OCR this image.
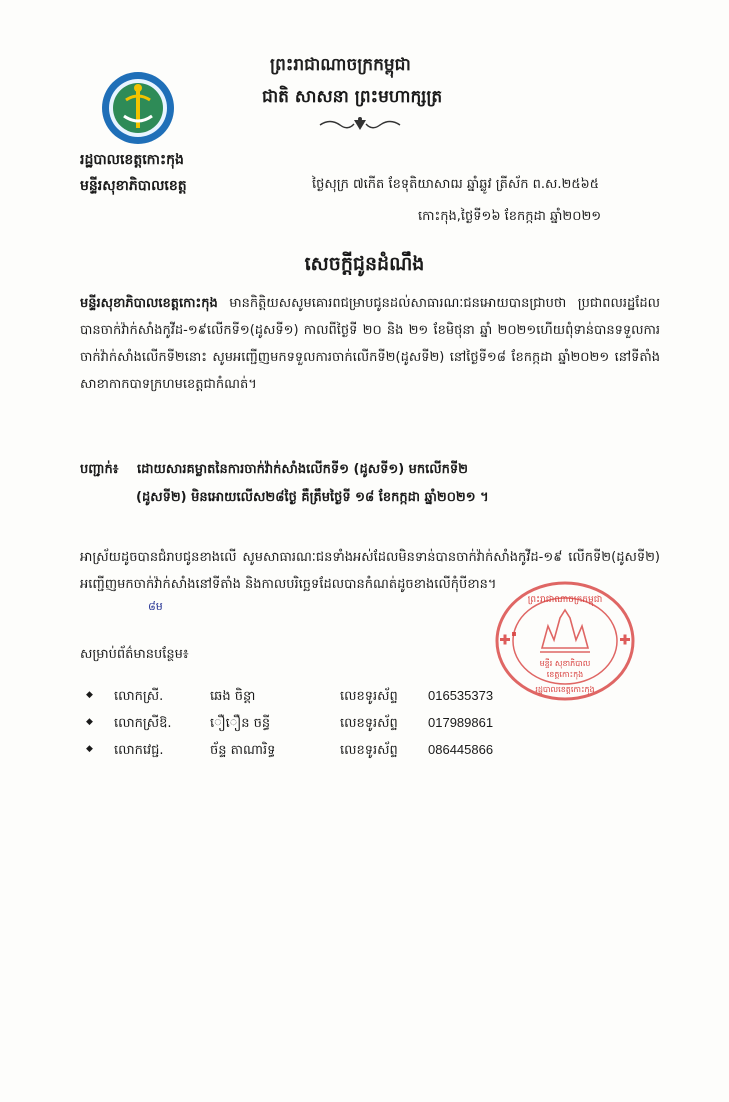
ព្រះរាជាណាចក្រកម្ពុជា
ជាតិ សាសនា ព្រះមហាក្សត្រ
រដ្ឋបាលខេត្តកោះកុង
មន្ទីរសុខាភិបាលខេត្ត	ថ្ងៃសុក្រ ៧កើត ខែទុតិយាសាឍ ឆ្នាំឆ្លូវ ត្រីស័ក ព.ស.២៥៦៥
កោះកុង,ថ្ងៃទី១៦ ខែកក្កដា ឆ្នាំ២០២១
សេចក្តីជូនដំណឹង
មន្ទីរសុខាភិបាលខេត្តកោះកុង មានកិត្តិយសសូមគោរពជម្រាបជូនដល់សាធារណៈជនអោយបានជ្រាបថា ប្រជាពលរដ្ឋដែលបានចាក់វ៉ាក់សាំងកូវីដ-១៩លើកទី១(ដូសទី១) កាលពីថ្ងៃទី ២០ និង ២១ ខែមិថុនា ឆ្នាំ ២០២១ហើយពុំទាន់បានទទួលការចាក់វ៉ាក់សាំងលើកទី២នោះ សូមអញ្ជើញមកទទួលការចាក់លើកទី២(ដូសទី២) នៅថ្ងៃទី១៨ ខែកក្កដា ឆ្នាំ២០២១ នៅទីតាំងសាខាកាកបាទក្រហមខេត្តជាកំណត់។
បញ្ជាក់៖ ដោយសារគម្លាតនៃការចាក់វ៉ាក់សាំងលើកទី១ (ដូសទី១) មកលើកទី២
(ដូសទី២) មិនអោយលើស២៨ថ្ងៃ គឺត្រឹមថ្ងៃទី ១៨ ខែកក្កដា ឆ្នាំ២០២១ ។
អាស្រ័យដូចបានជំរាបជូនខាងលើ សូមសាធារណៈជនទាំងអស់ដែលមិនទាន់បានចាក់វ៉ាក់សាំងកូវីដ-១៩ លើកទី២(ដូសទី២) អញ្ជើញមកចាក់វ៉ាក់សាំងនៅទីតាំង និងកាលបរិច្ឆេទដែលបានកំណត់ដូចខាងលើកុំបីខាន។
៨ម
សម្រាប់ព័ត៌មានបន្ថែម៖
◆ លោកស្រី.	ឆេង ចិន្តា	លេខទូរស័ព្ទ 016535373
◆ លោកស្រីឱ.	ឿឿន ចន្ធី	លេខទូរស័ព្ទ 017989861
◆ លោកវេជ្ជ.	ច័ន្ទ តាណារិទ្ធ	លេខទូរស័ព្ទ 086445866
ព្រះរាជាណាចក្រកម្ពុជា
មន្ទីរ សុខាភិបាល
ខេត្តកោះកុង
រដ្ឋបាលខេត្តកោះកុង
